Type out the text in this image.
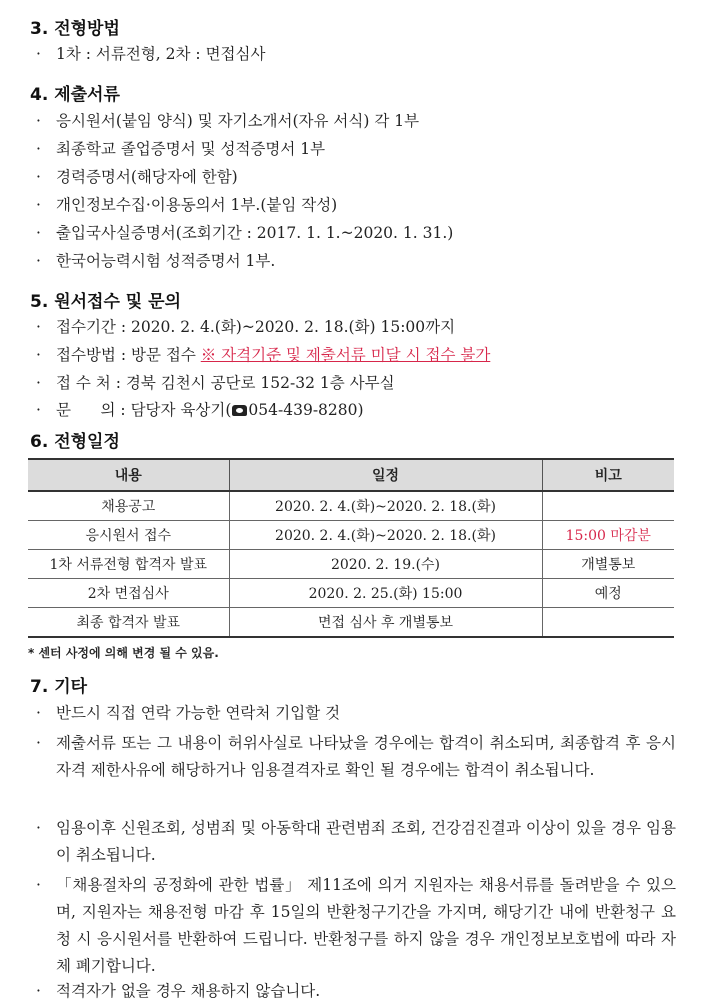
3. 전형방법
· 1차 : 서류전형, 2차 : 면접심사
4. 제출서류
· 응시원서(붙임 양식) 및 자기소개서(자유 서식) 각 1부
· 최종학교 졸업증명서 및 성적증명서 1부
· 경력증명서(해당자에 한함)
· 개인정보수집·이용동의서 1부.(붙임 작성)
· 출입국사실증명서(조회기간 : 2017. 1. 1.~2020. 1. 31.)
· 한국어능력시험 성적증명서 1부.
5. 원서접수 및 문의
· 접수기간 : 2020. 2. 4.(화)~2020. 2. 18.(화) 15:00까지
· 접수방법 : 방문 접수 ※ 자격기준 및 제출서류 미달 시 접수 불가
· 접 수 처 : 경북 김천시 공단로 152-32 1층 사무실
· 문      의 : 담당자 육상기( 054-439-8280)
6. 전형일정
내용	일정	비고
채용공고	2020. 2. 4.(화)~2020. 2. 18.(화)	
응시원서 접수	2020. 2. 4.(화)~2020. 2. 18.(화)	15:00 마감분
1차 서류전형 합격자 발표	2020. 2. 19.(수)	개별통보
2차 면접심사	2020. 2. 25.(화) 15:00	예정
최종 합격자 발표	면접 심사 후 개별통보	
* 센터 사정에 의해 변경 될 수 있음.
7. 기타
· 반드시 직접 연락 가능한 연락처 기입할 것
· 제출서류 또는 그 내용이 허위사실로 나타났을 경우에는 합격이 취소되며, 최종합격 후 응시자격 제한사유에 해당하거나 임용결격자로 확인 될 경우에는 합격이 취소됩니다.
· 임용이후 신원조회, 성범죄 및 아동학대 관련범죄 조회, 건강검진결과 이상이 있을 경우 임용이 취소됩니다.
· 「채용절차의 공정화에 관한 법률」 제11조에 의거 지원자는 채용서류를 돌려받을 수 있으며, 지원자는 채용전형 마감 후 15일의 반환청구기간을 가지며, 해당기간 내에 반환청구 요청 시 응시원서를 반환하여 드립니다. 반환청구를 하지 않을 경우 개인정보보호법에 따라 자체 폐기합니다.
· 적격자가 없을 경우 채용하지 않습니다.
